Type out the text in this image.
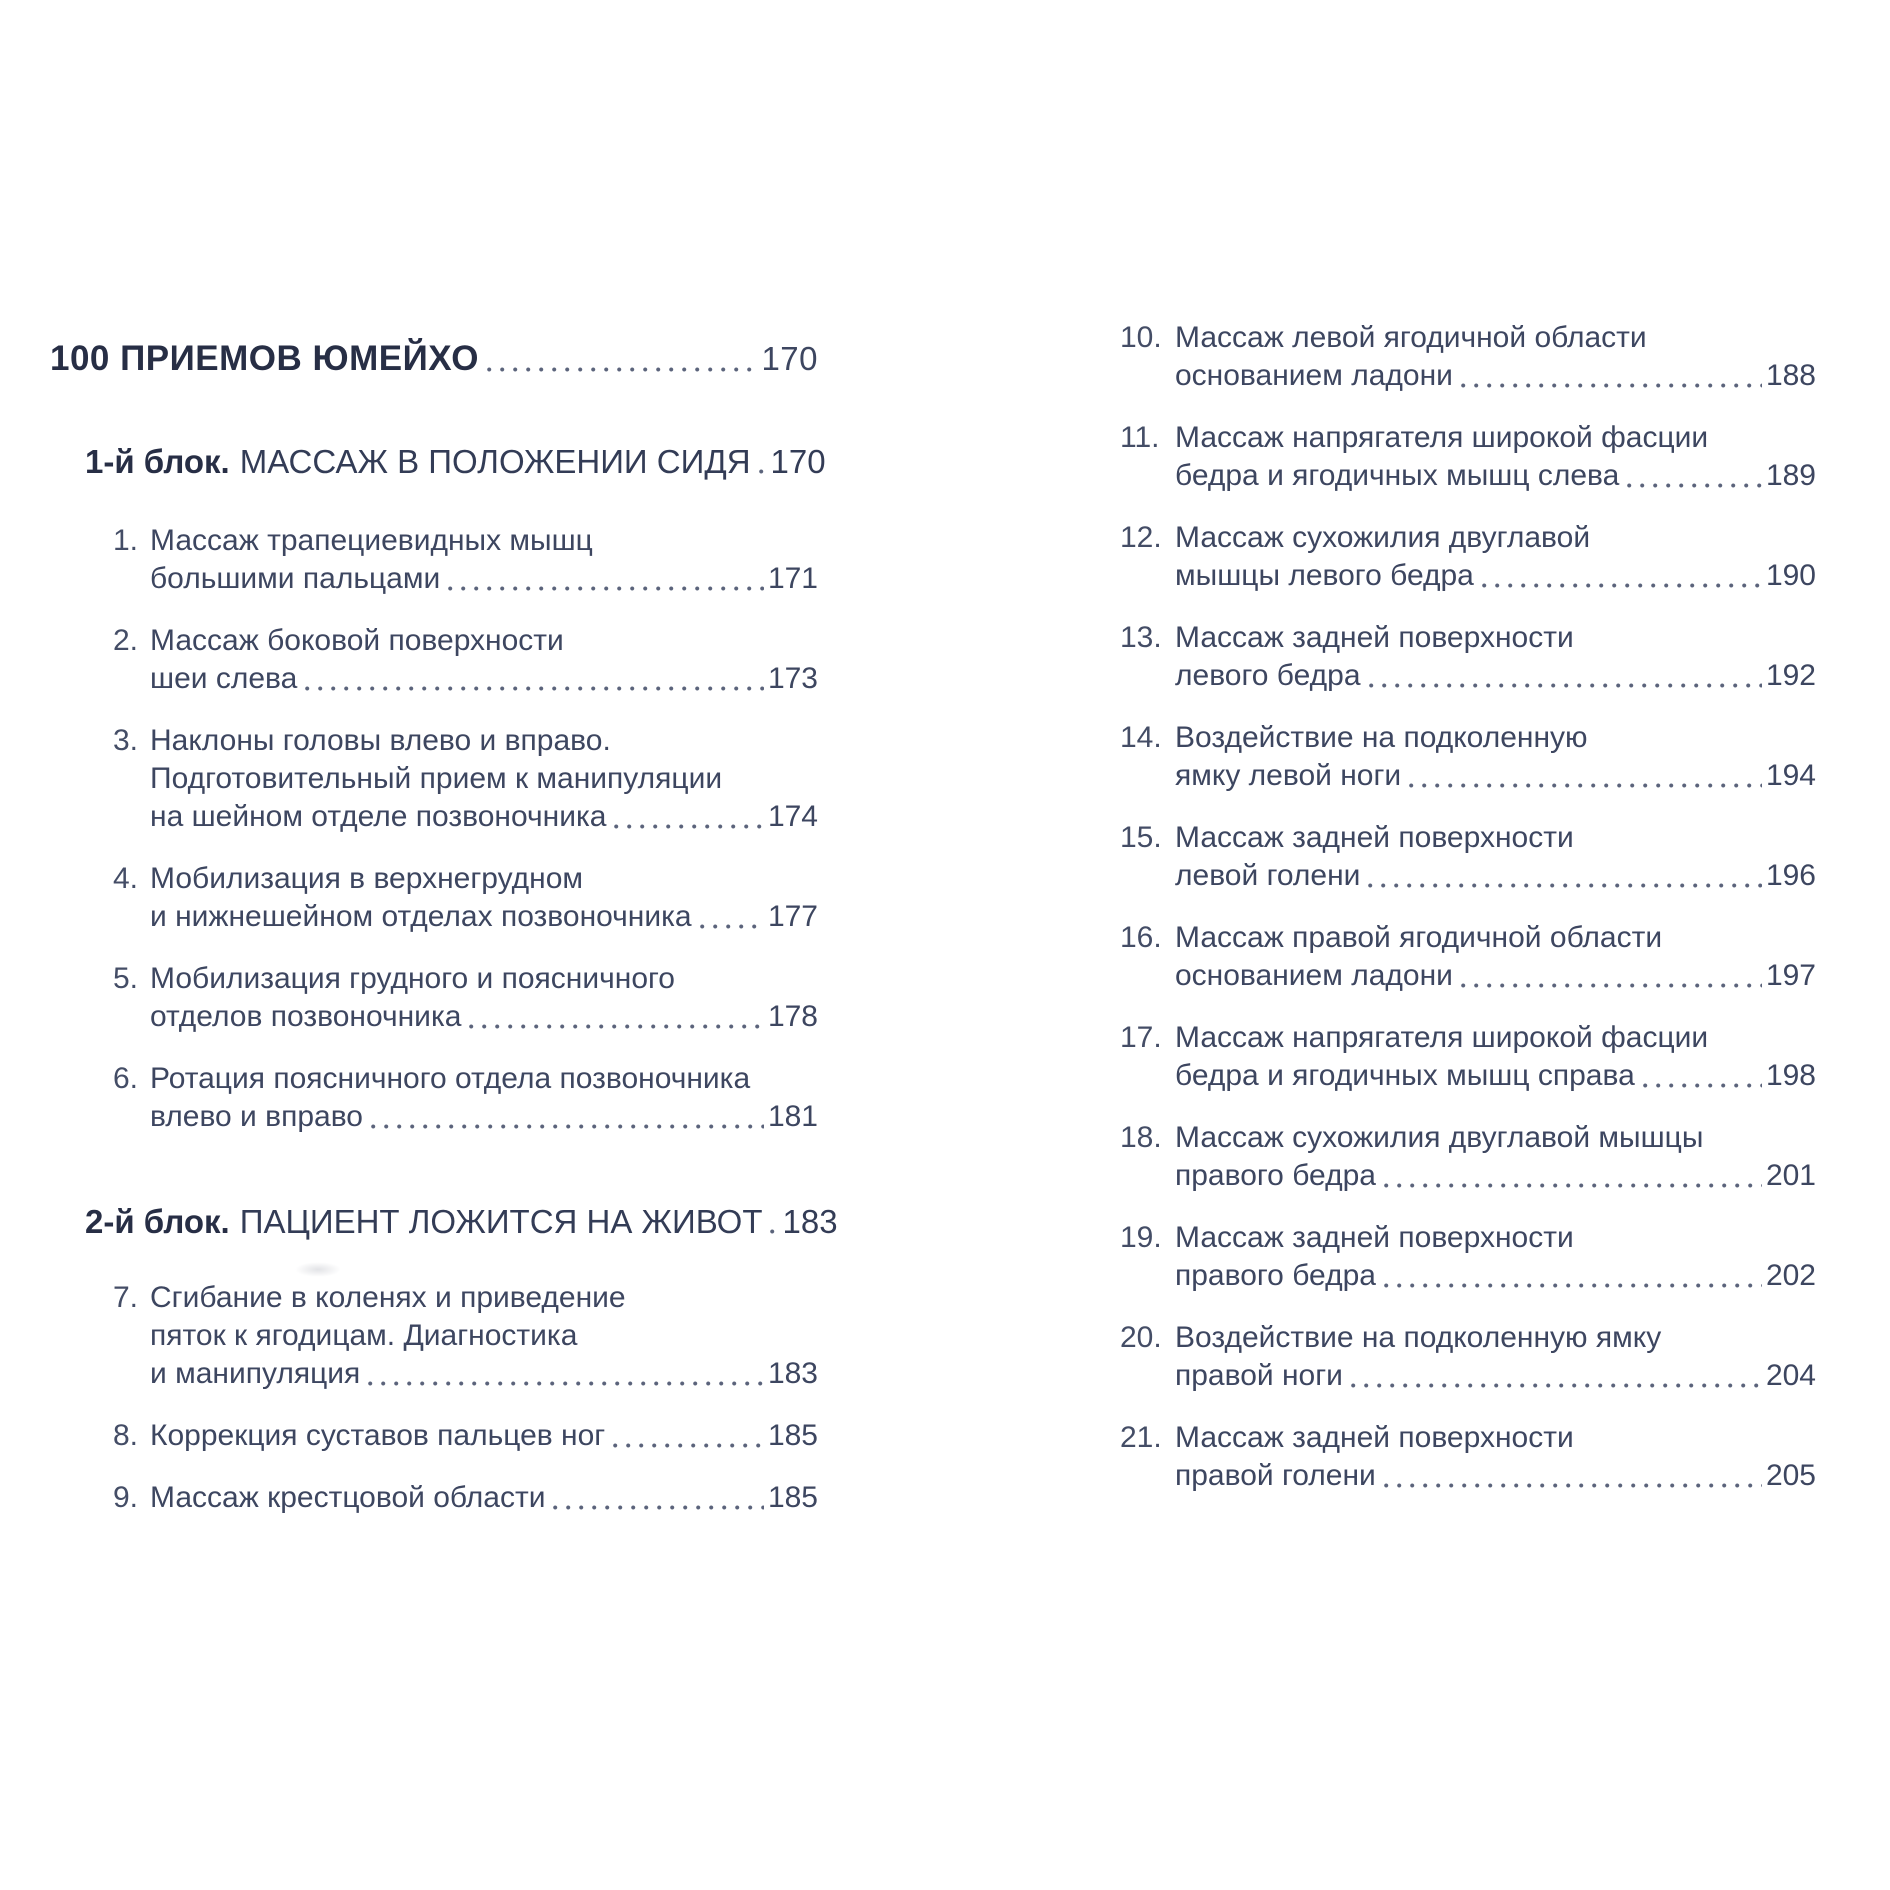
100 ПРИЕМОВ ЮМЕЙХО	170
1-й блок. МАССАЖ В ПОЛОЖЕНИИ СИДЯ 170
1. Массаж трапециевидных мышц
большими пальцами	171
2. Массаж боковой поверхности
шеи слева	173
3. Наклоны головы влево и вправо.
Подготовительный прием к манипуляции
на шейном отделе позвоночника	174
4. Мобилизация в верхнегрудном
и нижнешейном отделах позвоночника	177
5. Мобилизация грудного и поясничного
отделов позвоночника	178
6. Ротация поясничного отдела позвоночника
влево и вправо	181
2-й блок. ПАЦИЕНТ ЛОЖИТСЯ НА ЖИВОТ 183
7. Сгибание в коленях и приведение
пяток к ягодицам. Диагностика
и манипуляция	183
8. Коррекция суставов пальцев ног	185
9. Массаж крестцовой области	185
10. Массаж левой ягодичной области
основанием ладони	188
11. Массаж напрягателя широкой фасции
бедра и ягодичных мышц слева	189
12. Массаж сухожилия двуглавой
мышцы левого бедра	190
13. Массаж задней поверхности
левого бедра	192
14. Воздействие на подколенную
ямку левой ноги	194
15. Массаж задней поверхности
левой голени	196
16. Массаж правой ягодичной области
основанием ладони	197
17. Массаж напрягателя широкой фасции
бедра и ягодичных мышц справа	198
18. Массаж сухожилия двуглавой мышцы
правого бедра	201
19. Массаж задней поверхности
правого бедра	202
20. Воздействие на подколенную ямку
правой ноги	204
21. Массаж задней поверхности
правой голени	205
